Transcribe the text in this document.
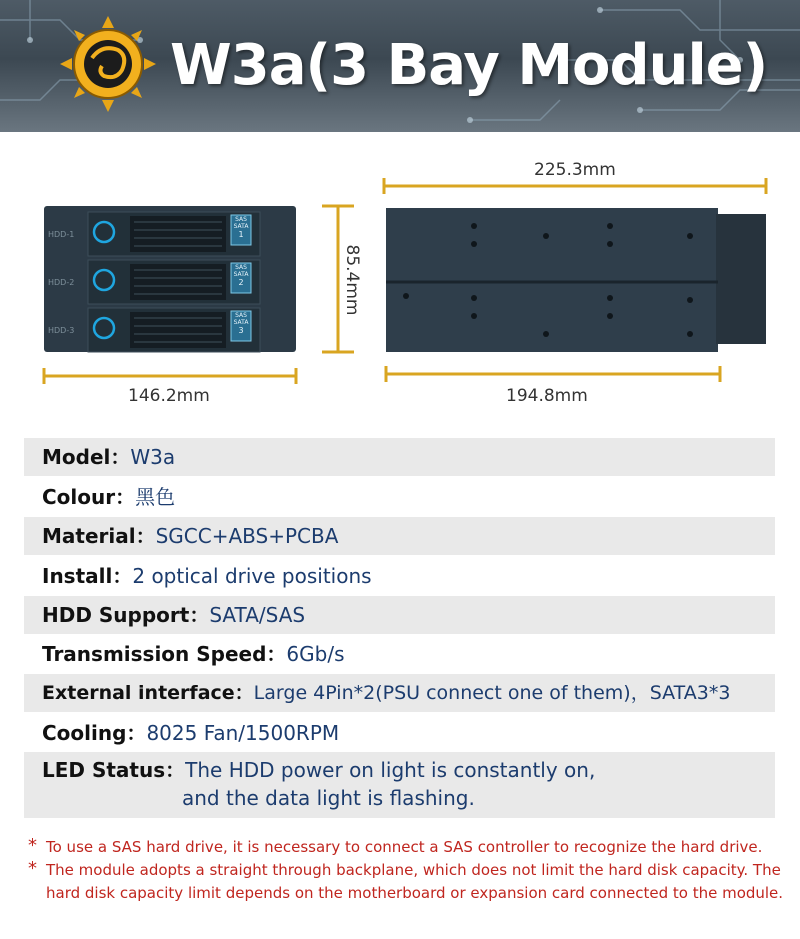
W3a(3 Bay Module)
HDD-1
HDD-2
HDD-3
SAS
SATA
1
SAS
SATA
2
SAS
SATA
3
225.3mm
146.2mm	194.8mm
85.4mm
Model：W3a
Colour：黑色
Material：SGCC+ABS+PCBA
Install：2 optical drive positions
HDD Support：SATA/SAS
Transmission Speed：6Gb/s
External interface：Large 4Pin*2(PSU connect one of them)，SATA3*3
Cooling：8025 Fan/1500RPM
LED Status：The HDD power on light is constantly on,
and the data light is flashing.
* To use a SAS hard drive, it is necessary to connect a SAS controller to recognize the hard drive.
* The module adopts a straight through backplane, which does not limit the hard disk capacity. The hard disk capacity limit depends on the motherboard or expansion card connected to the module.
